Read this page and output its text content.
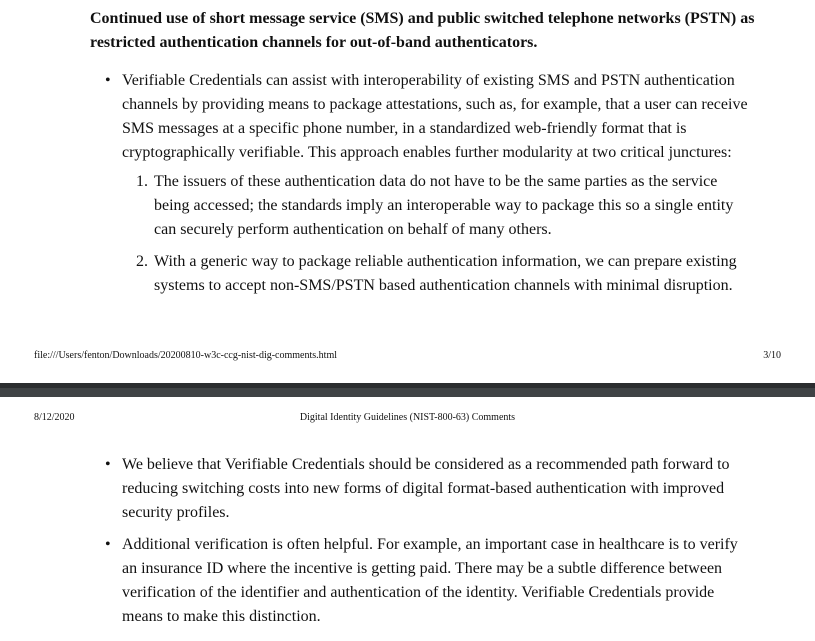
Continued use of short message service (SMS) and public switched telephone networks (PSTN) as restricted authentication channels for out-of-band authenticators.
• Verifiable Credentials can assist with interoperability of existing SMS and PSTN authentication channels by providing means to package attestations, such as, for example, that a user can receive SMS messages at a specific phone number, in a standardized web-friendly format that is cryptographically verifiable. This approach enables further modularity at two critical junctures:
1. The issuers of these authentication data do not have to be the same parties as the service being accessed; the standards imply an interoperable way to package this so a single entity can securely perform authentication on behalf of many others.
2. With a generic way to package reliable authentication information, we can prepare existing systems to accept non-SMS/PSTN based authentication channels with minimal disruption.
file:///Users/fenton/Downloads/20200810-w3c-ccg-nist-dig-comments.html	3/10
8/12/2020	Digital Identity Guidelines (NIST-800-63) Comments
• We believe that Verifiable Credentials should be considered as a recommended path forward to reducing switching costs into new forms of digital format-based authentication with improved security profiles.
• Additional verification is often helpful. For example, an important case in healthcare is to verify an insurance ID where the incentive is getting paid. There may be a subtle difference between verification of the identifier and authentication of the identity. Verifiable Credentials provide means to make this distinction.
